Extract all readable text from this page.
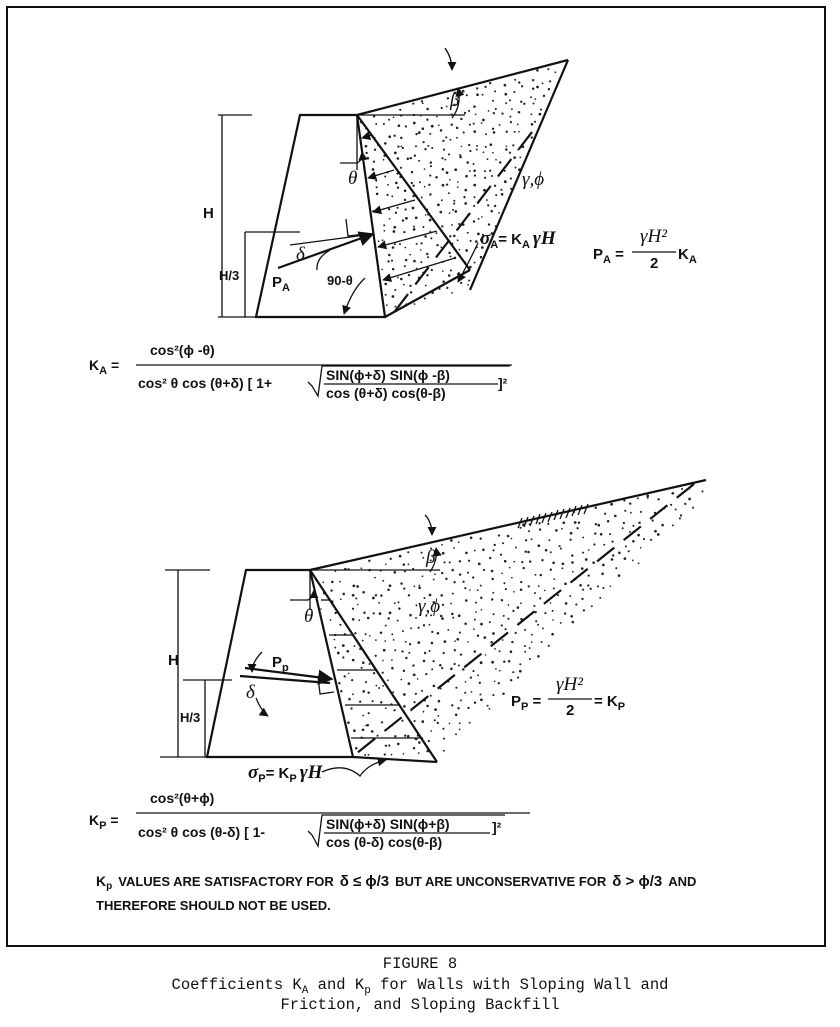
β
θ	γ,ϕ
H
H/3
δ
$P_A$	90-θ
$\sigma_A= K_A$ γH
$P_A$ =
γH²
2
$K_A$
$K_A$ =
cos²(ϕ -θ)
cos² θ cos (θ+δ) [ 1+	SIN(ϕ+δ) SIN(ϕ -β)
cos (θ+δ) cos(θ-β)
]²
β
θ	γ,ϕ
H
H/3
$P_p$
δ
$\sigma_P= K_P$ γH
$P_P$ =
γH²
2
= $K_P$
$K_P$ =
cos²(θ+ϕ)
cos² θ cos (θ-δ) [ 1-	SIN(ϕ+δ) SIN(ϕ+β)
cos (θ-δ) cos(θ-β)
]²
$K_p$ VALUES ARE SATISFACTORY FOR δ ≤ ϕ/3 BUT ARE UNCONSERVATIVE FOR δ > ϕ/3 AND
THEREFORE SHOULD NOT BE USED.
FIGURE 8
Coefficients $K_A$ and $K_p$ for Walls with Sloping Wall and
Friction, and Sloping Backfill
